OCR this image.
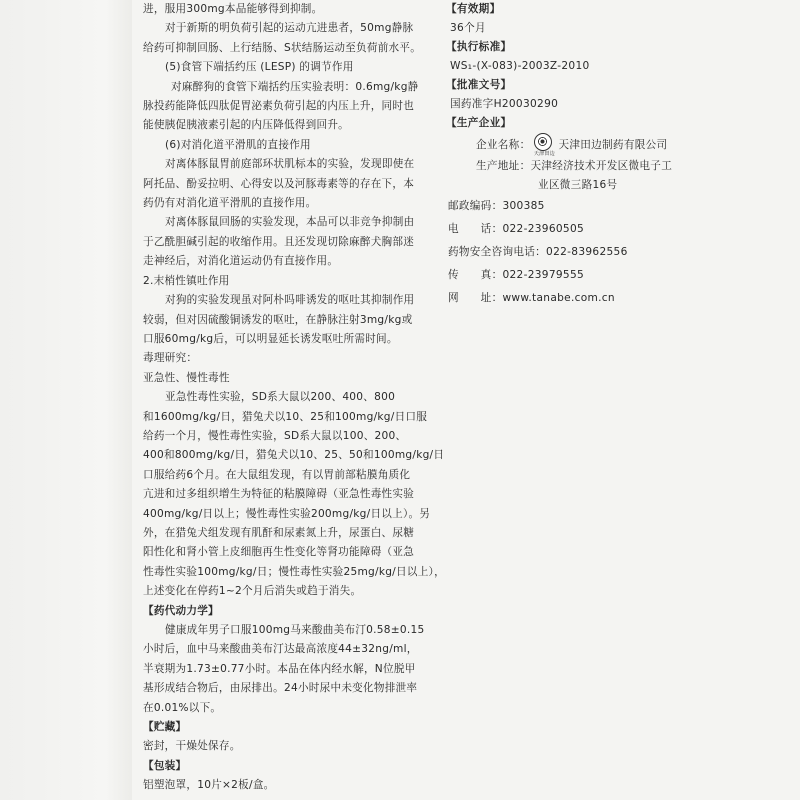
进，服用300mg本品能够得到抑制。

对于新斯的明负荷引起的运动亢进患者，50mg静脉

给药可抑制回肠、上行结肠、S状结肠运动至负荷前水平。

(5)食管下端括约压 (LESP) 的调节作用

对麻醉狗的食管下端括约压实验表明：0.6mg/kg静

脉投药能降低四肽促胃泌素负荷引起的内压上升，同时也

能使胰促胰液素引起的内压降低得到回升。

(6)对消化道平滑肌的直接作用

对离体豚鼠胃前庭部环状肌标本的实验，发现即使在

阿托品、酚妥拉明、心得安以及河豚毒素等的存在下，本

药仍有对消化道平滑肌的直接作用。

对离体豚鼠回肠的实验发现，本品可以非竞争抑制由

于乙酰胆碱引起的收缩作用。且还发现切除麻醉犬胸部迷

走神经后，对消化道运动仍有直接作用。

2.末梢性镇吐作用

对狗的实验发现虽对阿朴吗啡诱发的呕吐其抑制作用

较弱，但对因硫酸铜诱发的呕吐，在静脉注射3mg/kg或

口服60mg/kg后，可以明显延长诱发呕吐所需时间。

毒理研究：

亚急性、慢性毒性

亚急性毒性实验，SD系大鼠以200、400、800

和1600mg/kg/日，猎兔犬以10、25和100mg/kg/日口服

给药一个月，慢性毒性实验，SD系大鼠以100、200、

400和800mg/kg/日，猎兔犬以10、25、50和100mg/kg/日

口服给药6个月。在大鼠组发现，有以胃前部粘膜角质化

亢进和过多组织增生为特征的粘膜障碍（亚急性毒性实验

400mg/kg/日以上；慢性毒性实验200mg/kg/日以上）。另

外，在猎兔犬组发现有肌酐和尿素氮上升，尿蛋白、尿糖

阳性化和肾小管上皮细胞再生性变化等肾功能障碍（亚急

性毒性实验100mg/kg/日；慢性毒性实验25mg/kg/日以上），

上述变化在停药1~2个月后消失或趋于消失。

【药代动力学】

健康成年男子口服100mg马来酸曲美布汀0.58±0.15

小时后，血中马来酸曲美布汀达最高浓度44±32ng/ml，

半衰期为1.73±0.77小时。本品在体内经水解，N位脱甲

基形成结合物后，由尿排出。24小时尿中未变化物排泄率

在0.01%以下。

【贮藏】

密封，干燥处保存。

【包装】

铝塑泡罩，10片×2板/盒。

【有效期】

36个月

【执行标准】

WS₁-(X-083)-2003Z-2010

【批准文号】

国药准字H20030290

【生产企业】

企业名称：
天津田边
天津田边制药有限公司

生产地址：天津经济技术开发区微电子工

业区微三路16号

邮政编码：300385

电　　话：022-23960505

药物安全咨询电话：022-83962556

传　　真：022-23979555

网　　址：www.tanabe.com.cn
